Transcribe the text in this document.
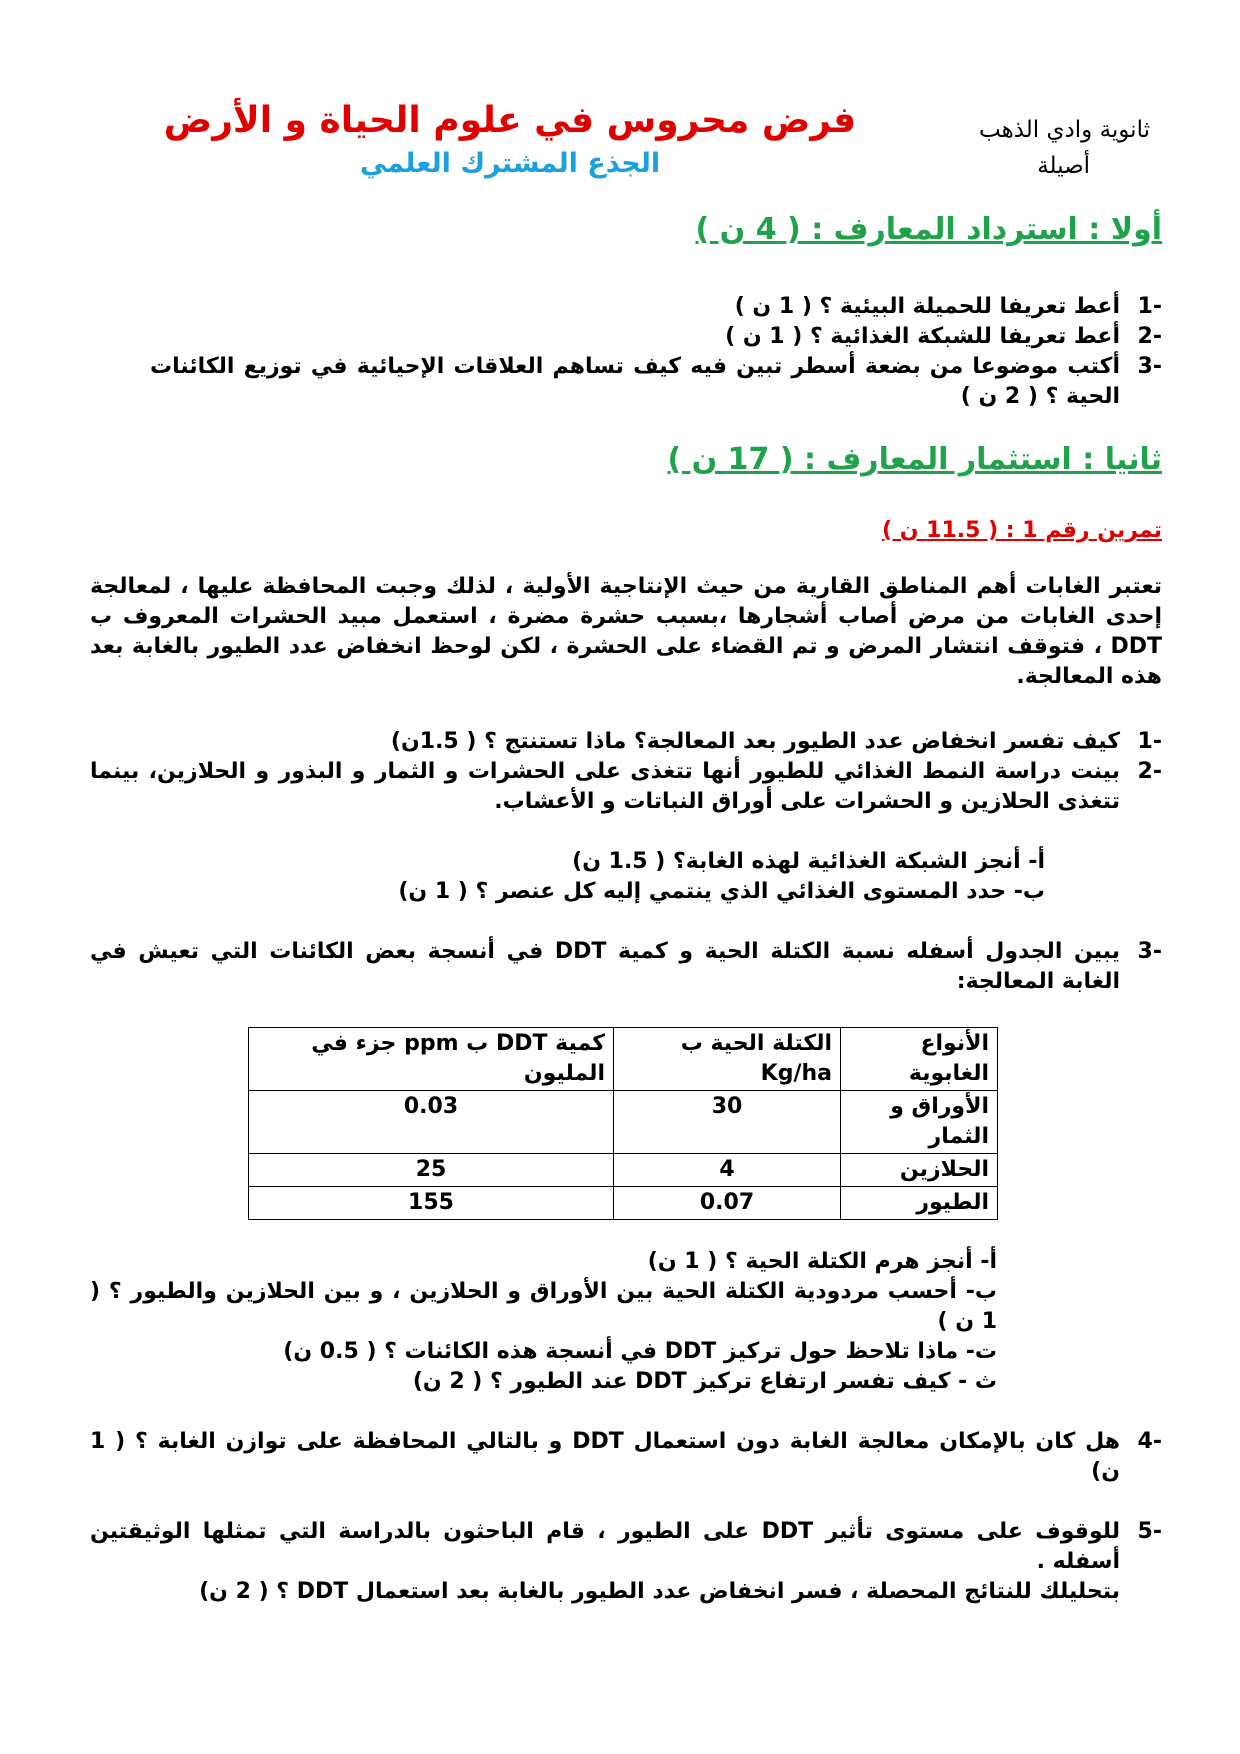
ثانوية وادي الذهب
أصيلة
فرض محروس في علوم الحياة و الأرض
الجذع المشترك العلمي
أولا : استرداد المعارف : ( 4 ن )
-1
أعط تعريفا للحميلة البيئية ؟ ( 1 ن )
-2
أعط تعريفا للشبكة الغذائية ؟ ( 1 ن )
-3
أكتب موضوعا من بضعة أسطر تبين فيه كيف تساهم العلاقات الإحيائية في توزيع الكائنات الحية ؟ ( 2 ن )
ثانيا : استثمار المعارف : ( 17 ن )
تمرين رقم 1 : ( 11.5 ن )
تعتبر الغابات أهم المناطق القارية من حيث الإنتاجية الأولية ، لذلك وجبت المحافظة عليها ، لمعالجة إحدى الغابات من مرض أصاب أشجارها ،بسبب حشرة مضرة ، استعمل مبيد الحشرات المعروف ب DDT ، فتوقف انتشار المرض و تم القضاء على الحشرة ، لكن لوحظ انخفاض عدد الطيور بالغابة بعد هذه المعالجة.
-1
كيف تفسر انخفاض عدد الطيور بعد المعالجة؟ ماذا تستنتج ؟ ( 1.5ن)
-2
بينت دراسة النمط الغذائي للطيور أنها تتغذى على الحشرات و الثمار و البذور و الحلازين، بينما تتغذى الحلازين و الحشرات على أوراق النباتات و الأعشاب.
أ- أنجز الشبكة الغذائية لهذه الغابة؟ ( 1.5 ن)
ب- حدد المستوى الغذائي الذي ينتمي إليه كل عنصر ؟ ( 1 ن)
-3
يبين الجدول أسفله نسبة الكتلة الحية و كمية DDT في أنسجة بعض الكائنات التي تعيش في الغابة المعالجة:
الأنواع الغابوية	الكتلة الحية ب Kg/ha	كمية DDT ب ppm جزء في المليون
الأوراق و الثمار	30	0.03
الحلازين	4	25
الطيور	0.07	155
أ- أنجز هرم الكتلة الحية ؟ ( 1 ن)
ب- أحسب مردودية الكتلة الحية بين الأوراق و الحلازين ، و بين الحلازين والطيور ؟ ( 1 ن )
ت- ماذا تلاحظ حول تركيز DDT في أنسجة هذه الكائنات ؟ ( 0.5 ن)
ث - كيف تفسر ارتفاع تركيز DDT عند الطيور ؟ ( 2 ن)
-4
هل كان بالإمكان معالجة الغابة دون استعمال DDT و بالتالي المحافظة على توازن الغابة ؟ ( 1 ن)
-5
للوقوف على مستوى تأثير DDT على الطيور ، قام الباحثون بالدراسة التي تمثلها الوثيقتين أسفله .
بتحليلك للنتائج المحصلة ، فسر انخفاض عدد الطيور بالغابة بعد استعمال DDT ؟ ( 2 ن)
